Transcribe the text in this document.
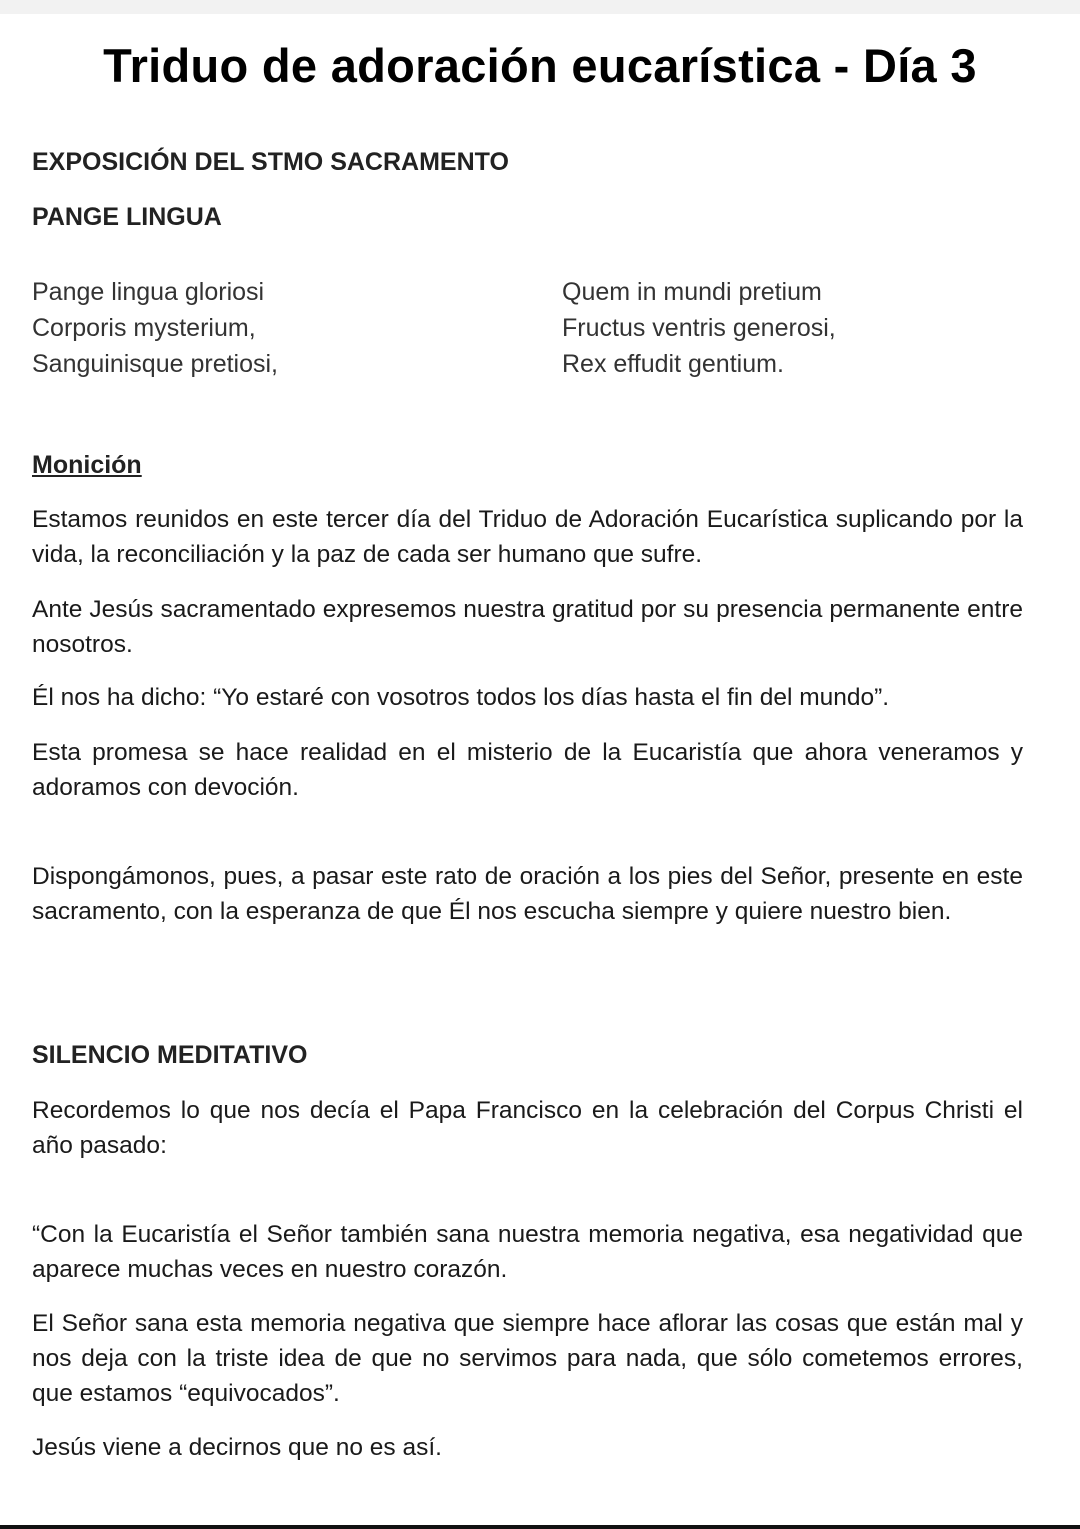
Triduo de adoración eucarística - Día 3
EXPOSICIÓN DEL STMO SACRAMENTO
PANGE LINGUA
Pange lingua gloriosi
Corporis mysterium,
Sanguinisque pretiosi,
Quem in mundi pretium
Fructus ventris generosi,
Rex effudit gentium.
Monición

Estamos reunidos en este tercer día del Triduo de Adoración Eucarística suplicando por la vida, la reconciliación y la paz de cada ser humano que sufre.

Ante Jesús sacramentado expresemos nuestra gratitud por su presencia permanente entre nosotros.

Él nos ha dicho: “Yo estaré con vosotros todos los días hasta el fin del mundo”.

Esta promesa se hace realidad en el misterio de la Eucaristía que ahora veneramos y adoramos con devoción.

Dispongámonos, pues, a pasar este rato de oración a los pies del Señor, presente en este sacramento, con la esperanza de que Él nos escucha siempre y quiere nuestro bien.

SILENCIO MEDITATIVO

Recordemos lo que nos decía el Papa Francisco en la celebración del Corpus Christi el año pasado:

“Con la Eucaristía el Señor también sana nuestra memoria negativa, esa negatividad que aparece muchas veces en nuestro corazón.

El Señor sana esta memoria negativa que siempre hace aflorar las cosas que están mal y nos deja con la triste idea de que no servimos para nada, que sólo cometemos errores, que estamos “equivocados”.

Jesús viene a decirnos que no es así.
